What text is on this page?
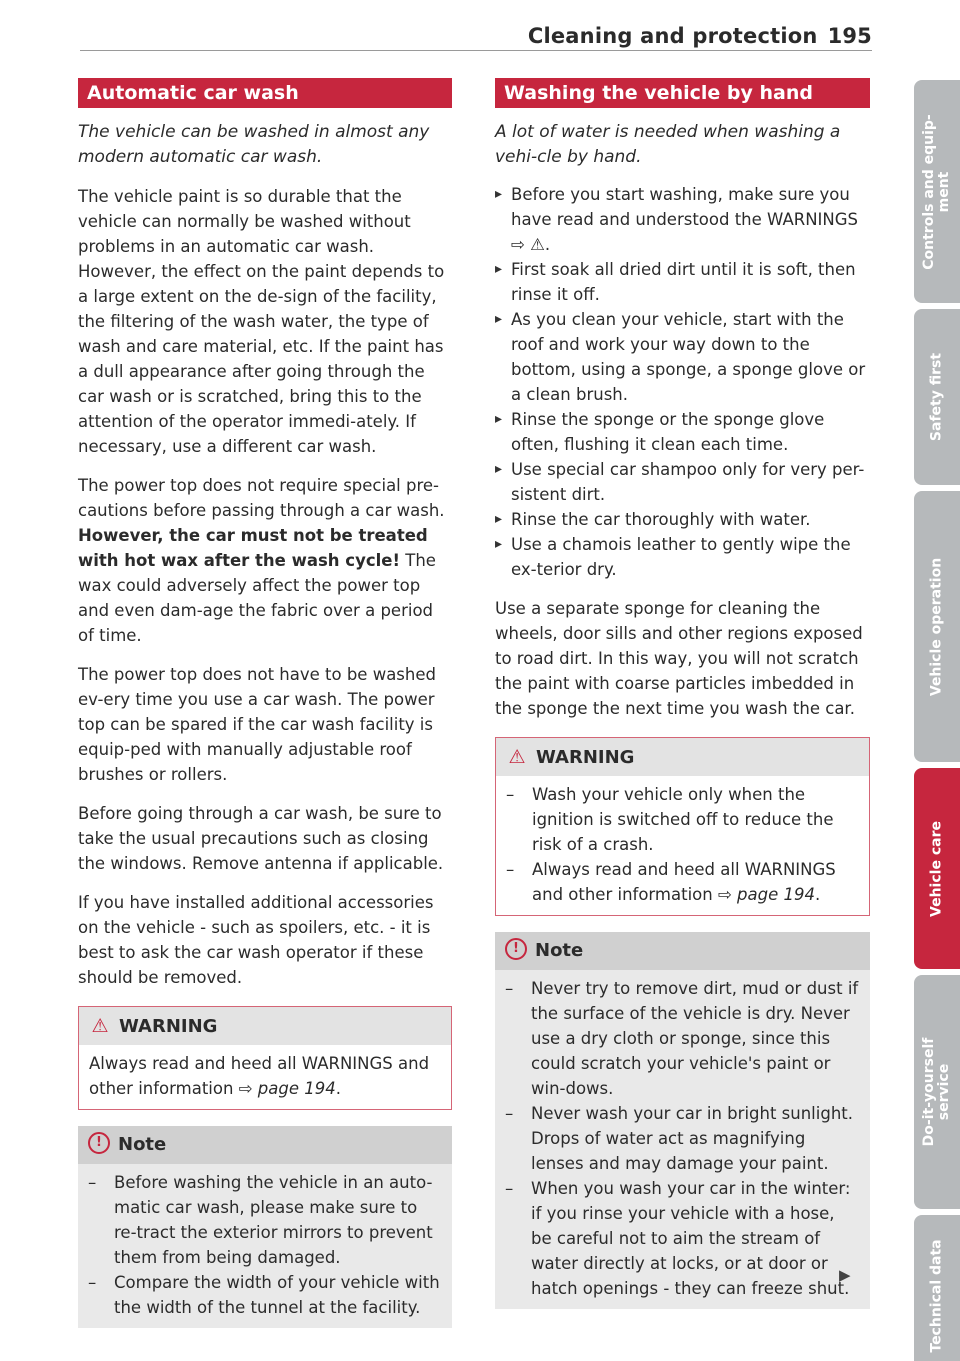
Cleaning and protection 195
Automatic car wash
The vehicle can be washed in almost any modern automatic car wash.

The vehicle paint is so durable that the vehicle can normally be washed without problems in an automatic car wash. However, the effect on the paint depends to a large extent on the de-sign of the facility, the filtering of the wash water, the type of wash and care material, etc. If the paint has a dull appearance after going through the car wash or is scratched, bring this to the attention of the operator immedi-ately. If necessary, use a different car wash.

The power top does not require special pre-cautions before passing through a car wash. However, the car must not be treated with hot wax after the wash cycle! The wax could adversely affect the power top and even dam-age the fabric over a period of time.

The power top does not have to be washed ev-ery time you use a car wash. The power top can be spared if the car wash facility is equip-ped with manually adjustable roof brushes or rollers.

Before going through a car wash, be sure to take the usual precautions such as closing the windows. Remove antenna if applicable.

If you have installed additional accessories on the vehicle - such as spoilers, etc. - it is best to ask the car wash operator if these should be removed.

⚠ WARNING

Always read and heed all WARNINGS and other information ⇨ page 194.

! Note
– Before washing the vehicle in an auto-matic car wash, please make sure to re-tract the exterior mirrors to prevent them from being damaged.
– Compare the width of your vehicle with the width of the tunnel at the facility.
Washing the vehicle by hand
A lot of water is needed when washing a vehi-cle by hand.
▸ Before you start washing, make sure you have read and understood the WARNINGS ⇨ ⚠.
▸ First soak all dried dirt until it is soft, then rinse it off.
▸ As you clean your vehicle, start with the roof and work your way down to the bottom, using a sponge, a sponge glove or a clean brush.
▸ Rinse the sponge or the sponge glove often, flushing it clean each time.
▸ Use special car shampoo only for very per-sistent dirt.
▸ Rinse the car thoroughly with water.
▸ Use a chamois leather to gently wipe the ex-terior dry.

Use a separate sponge for cleaning the wheels, door sills and other regions exposed to road dirt. In this way, you will not scratch the paint with coarse particles imbedded in the sponge the next time you wash the car.

⚠ WARNING
– Wash your vehicle only when the ignition is switched off to reduce the risk of a crash.
– Always read and heed all WARNINGS and other information ⇨ page 194.
! Note
– Never try to remove dirt, mud or dust if the surface of the vehicle is dry. Never use a dry cloth or sponge, since this could scratch your vehicle's paint or win-dows.
– Never wash your car in bright sunlight. Drops of water act as magnifying lenses and may damage your paint.
– When you wash your car in the winter: if you rinse your vehicle with a hose, be careful not to aim the stream of water directly at locks, or at door or hatch openings - they can freeze shut.
▶
Controls and equip-
ment
Safety first
Vehicle operation
Vehicle care
Do-it-yourself
service
Technical data
